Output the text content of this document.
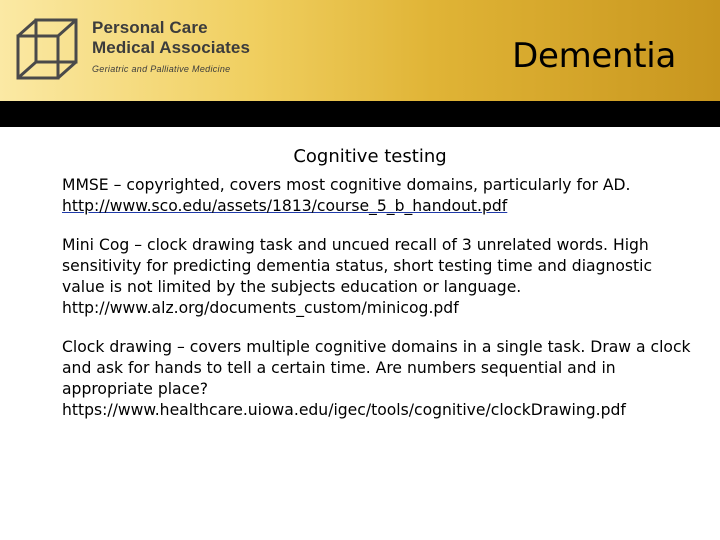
Personal Care
Medical Associates
Geriatric and Palliative Medicine	Dementia
Cognitive testing

MMSE – copyrighted, covers most cognitive domains, particularly for AD. http://www.sco.edu/assets/1813/course_5_b_handout.pdf

Mini Cog – clock drawing task and uncued recall of 3 unrelated words. High sensitivity for predicting dementia status, short testing time and diagnostic value is not limited by the subjects education or language. http://www.alz.org/documents_custom/minicog.pdf

Clock drawing – covers multiple cognitive domains in a single task. Draw a clock and ask for hands to tell a certain time. Are numbers sequential and in appropriate place?
https://www.healthcare.uiowa.edu/igec/tools/cognitive/clockDrawing.pdf
